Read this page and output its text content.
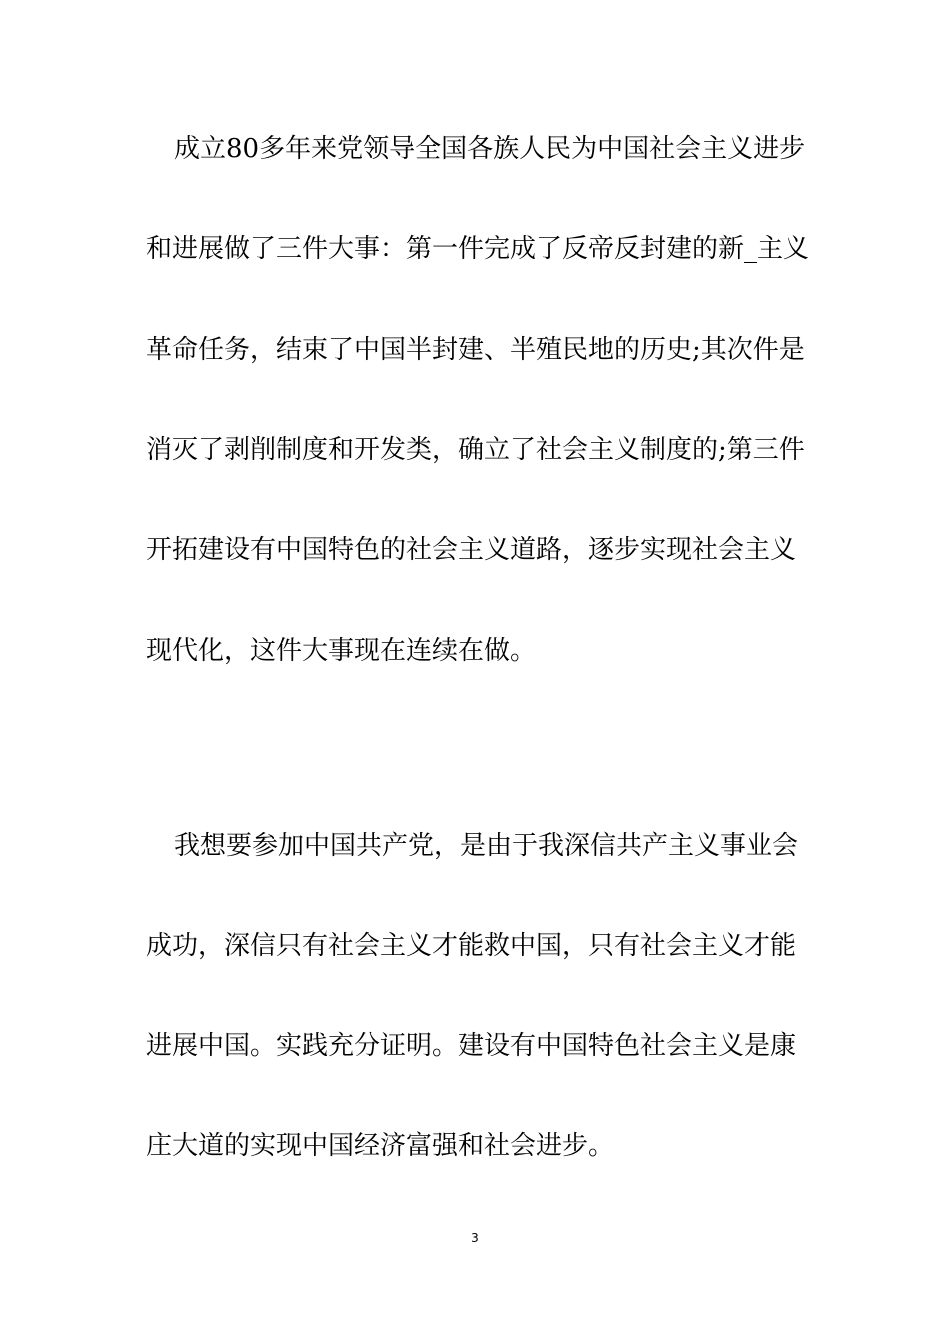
成立80多年来党领导全国各族人民为中国社会主义进步
和进展做了三件大事：第一件完成了反帝反封建的新_主义
革命任务，结束了中国半封建、半殖民地的历史;其次件是
消灭了剥削制度和开发类，确立了社会主义制度的;第三件
开拓建设有中国特色的社会主义道路，逐步实现社会主义
现代化，这件大事现在连续在做。
我想要参加中国共产党，是由于我深信共产主义事业会
成功，深信只有社会主义才能救中国，只有社会主义才能
进展中国。实践充分证明。建设有中国特色社会主义是康
庄大道的实现中国经济富强和社会进步。
3
